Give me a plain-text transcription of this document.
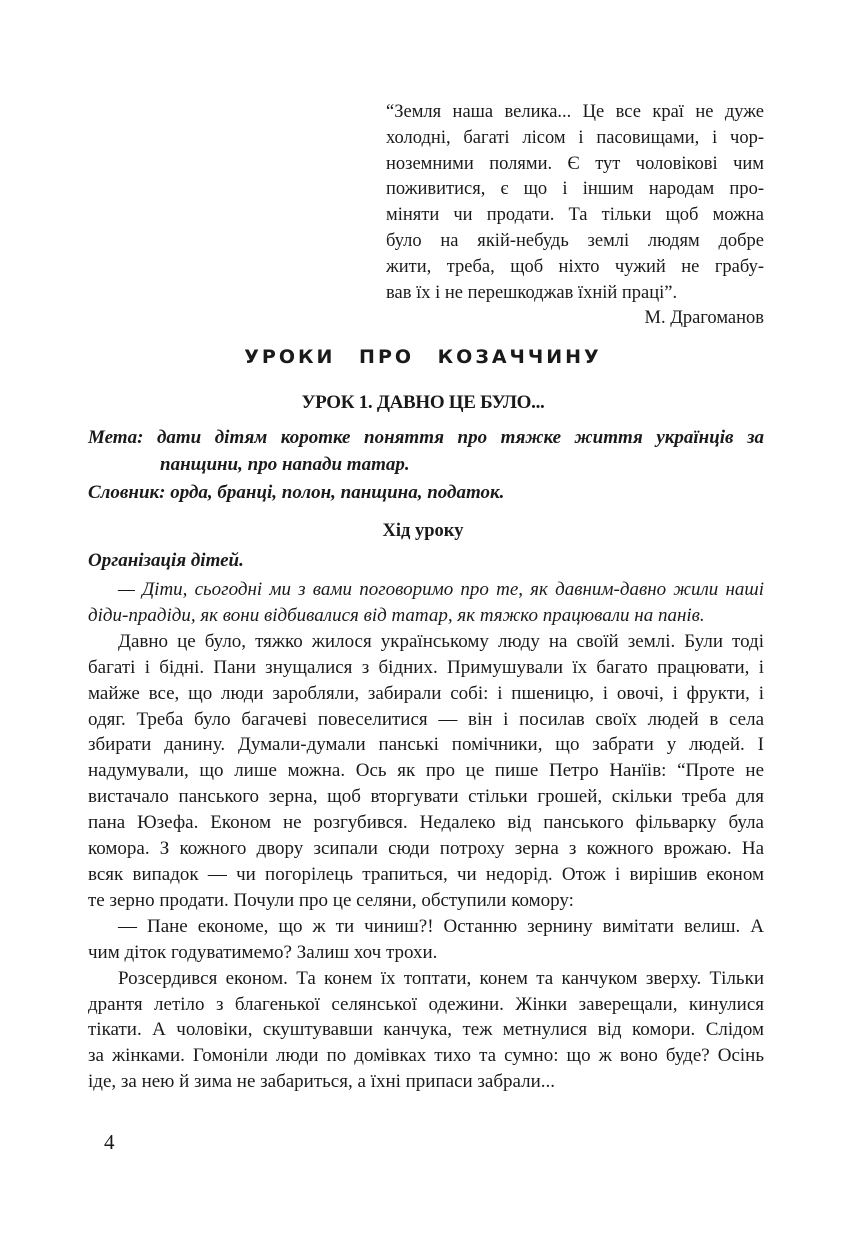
“Земля наша велика... Це все краї не дуже
холодні, багаті лісом і пасовищами, і чор-
ноземними полями. Є тут чоловікові чим
поживитися, є що і іншим народам про-
міняти чи продати. Та тільки щоб можна
було на якій-небудь землі людям добре
жити, треба, щоб ніхто чужий не грабу-
вав їх і не перешкоджав їхній праці”.
М. Драгоманов
УРОКИ ПРО КОЗАЧЧИНУ
УРОК 1. ДАВНО ЦЕ БУЛО...
Мета: дати дітям коротке поняття про тяжке життя українців за
панщини, про напади татар.
Словник: орда, бранці, полон, панщина, податок.
Хід уроку
Організація дітей.
— Діти, сьогодні ми з вами поговоримо про те, як давним-давно жили наші
діди-прадіди, як вони відбивалися від татар, як тяжко працювали на панів.
Давно це було, тяжко жилося українському люду на своїй землі. Були тоді
багаті і бідні. Пани знущалися з бідних. Примушували їх багато працювати, і
майже все, що люди заробляли, забирали собі: і пшеницю, і овочі, і фрукти, і
одяг. Треба було багачеві повеселитися — він і посилав своїх людей в села
збирати данину. Думали-думали панські помічники, що забрати у людей. І
надумували, що лише можна. Ось як про це пише Петро Нанїів: “Проте не
вистачало панського зерна, щоб вторгувати стільки грошей, скільки треба для
пана Юзефа. Економ не розгубився. Недалеко від панського фільварку була
комора. З кожного двору зсипали сюди потроху зерна з кожного врожаю. На
всяк випадок — чи погорілець трапиться, чи недорід. Отож і вирішив економ
те зерно продати. Почули про це селяни, обступили комору:
— Пане економе, що ж ти чиниш?! Останню зернину вимітати велиш. А
чим діток годуватимемо? Залиш хоч трохи.
Розсердився економ. Та конем їх топтати, конем та канчуком зверху. Тільки
дрантя летіло з благенької селянської одежини. Жінки заверещали, кинулися
тікати. А чоловіки, скуштувавши канчука, теж метнулися від комори. Слідом
за жінками. Гомоніли люди по домівках тихо та сумно: що ж воно буде? Осінь
іде, за нею й зима не забариться, а їхні припаси забрали...
4
